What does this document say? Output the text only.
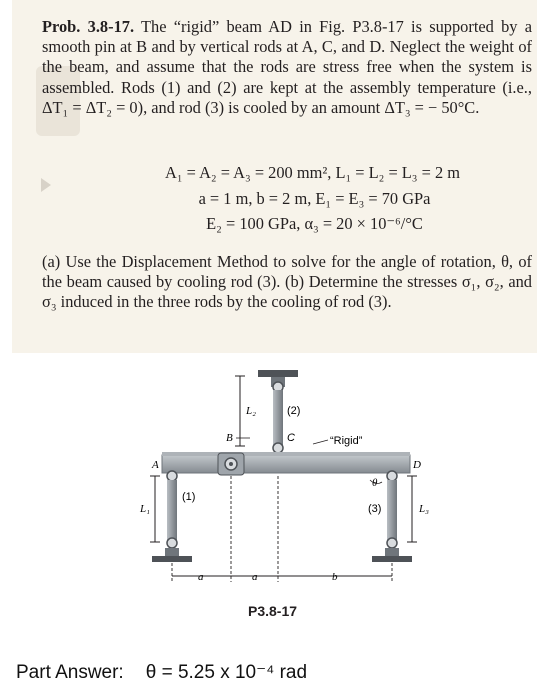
Prob. 3.8-17. The “rigid” beam AD in Fig. P3.8-17 is supported by a smooth pin at B and by vertical rods at A, C, and D. Neglect the weight of the beam, and assume that the rods are stress free when the system is assembled. Rods (1) and (2) are kept at the assembly temperature (i.e., ΔT₁ = ΔT₂ = 0), and rod (3) is cooled by an amount ΔT₃ = − 50°C.

A₁ = A₂ = A₃ = 200 mm², L₁ = L₂ = L₃ = 2 m

a = 1 m, b = 2 m, E₁ = E₃ = 70 GPa

E₂ = 100 GPa, α₃ = 20 × 10⁻⁶/°C

(a) Use the Displacement Method to solve for the angle of rotation, θ, of the beam caused by cooling rod (3). (b) Determine the stresses σ₁, σ₂, and σ₃ induced in the three rods by the cooling of rod (3).

L₂	(2)
“Rigid”
B	C
A	D
(1)
L₁	(3)
θ
L₃
a	a	b
P3.8-17
Part Answer: θ = 5.25 x 10⁻⁴ rad
